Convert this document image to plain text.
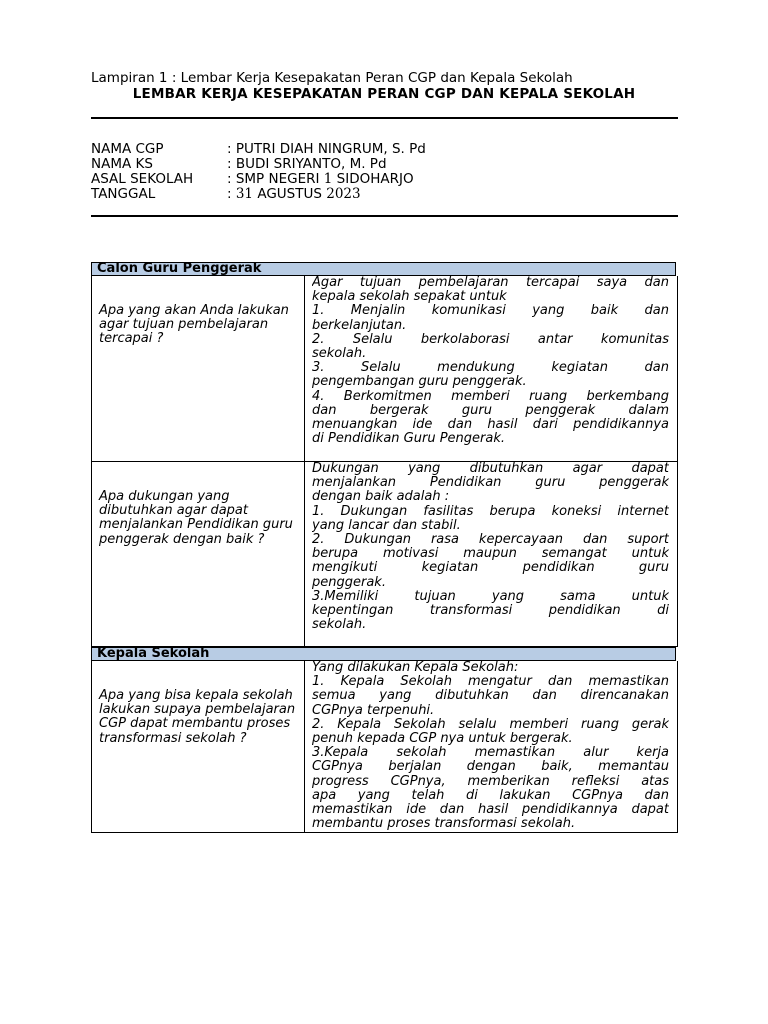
Lampiran 1 : Lembar Kerja Kesepakatan Peran CGP dan Kepala Sekolah
LEMBAR KERJA KESEPAKATAN PERAN CGP DAN KEPALA SEKOLAH
NAMA CGP	: PUTRI DIAH NINGRUM, S. Pd
NAMA KS	: BUDI SRIYANTO, M. Pd
ASAL SEKOLAH	: SMP NEGERI 1 SIDOHARJO
TANGGAL	: 31 AGUSTUS 2023
Calon Guru Penggerak
Apa yang akan Anda lakukan agar tujuan pembelajaran tercapai ?
Agar tujuan pembelajaran tercapai saya dan
kepala sekolah sepakat untuk
1. Menjalin komunikasi yang baik dan
berkelanjutan.
2. Selalu berkolaborasi antar komunitas
sekolah.
3. Selalu mendukung kegiatan dan
pengembangan guru penggerak.
4. Berkomitmen memberi ruang berkembang
dan bergerak guru penggerak dalam
menuangkan ide dan hasil dari pendidikannya
di Pendidikan Guru Pengerak.
Apa dukungan yang dibutuhkan agar dapat menjalankan Pendidikan guru penggerak dengan baik ?
Dukungan yang dibutuhkan agar dapat
menjalankan Pendidikan guru penggerak
dengan baik adalah :
1. Dukungan fasilitas berupa koneksi internet
yang lancar dan stabil.
2. Dukungan rasa kepercayaan dan suport
berupa motivasi maupun semangat untuk
mengikuti kegiatan pendidikan guru
penggerak.
3.Memiliki tujuan yang sama untuk
kepentingan transformasi pendidikan di
sekolah.
Kepala Sekolah
Apa yang bisa kepala sekolah lakukan supaya pembelajaran CGP dapat membantu proses transformasi sekolah ?
Yang dilakukan Kepala Sekolah:
1. Kepala Sekolah mengatur dan memastikan
semua yang dibutuhkan dan direncanakan
CGPnya terpenuhi.
2. Kepala Sekolah selalu memberi ruang gerak
penuh kepada CGP nya untuk bergerak.
3.Kepala sekolah memastikan alur kerja
CGPnya berjalan dengan baik, memantau
progress CGPnya, memberikan refleksi atas
apa yang telah di lakukan CGPnya dan
memastikan ide dan hasil pendidikannya dapat
membantu proses transformasi sekolah.
